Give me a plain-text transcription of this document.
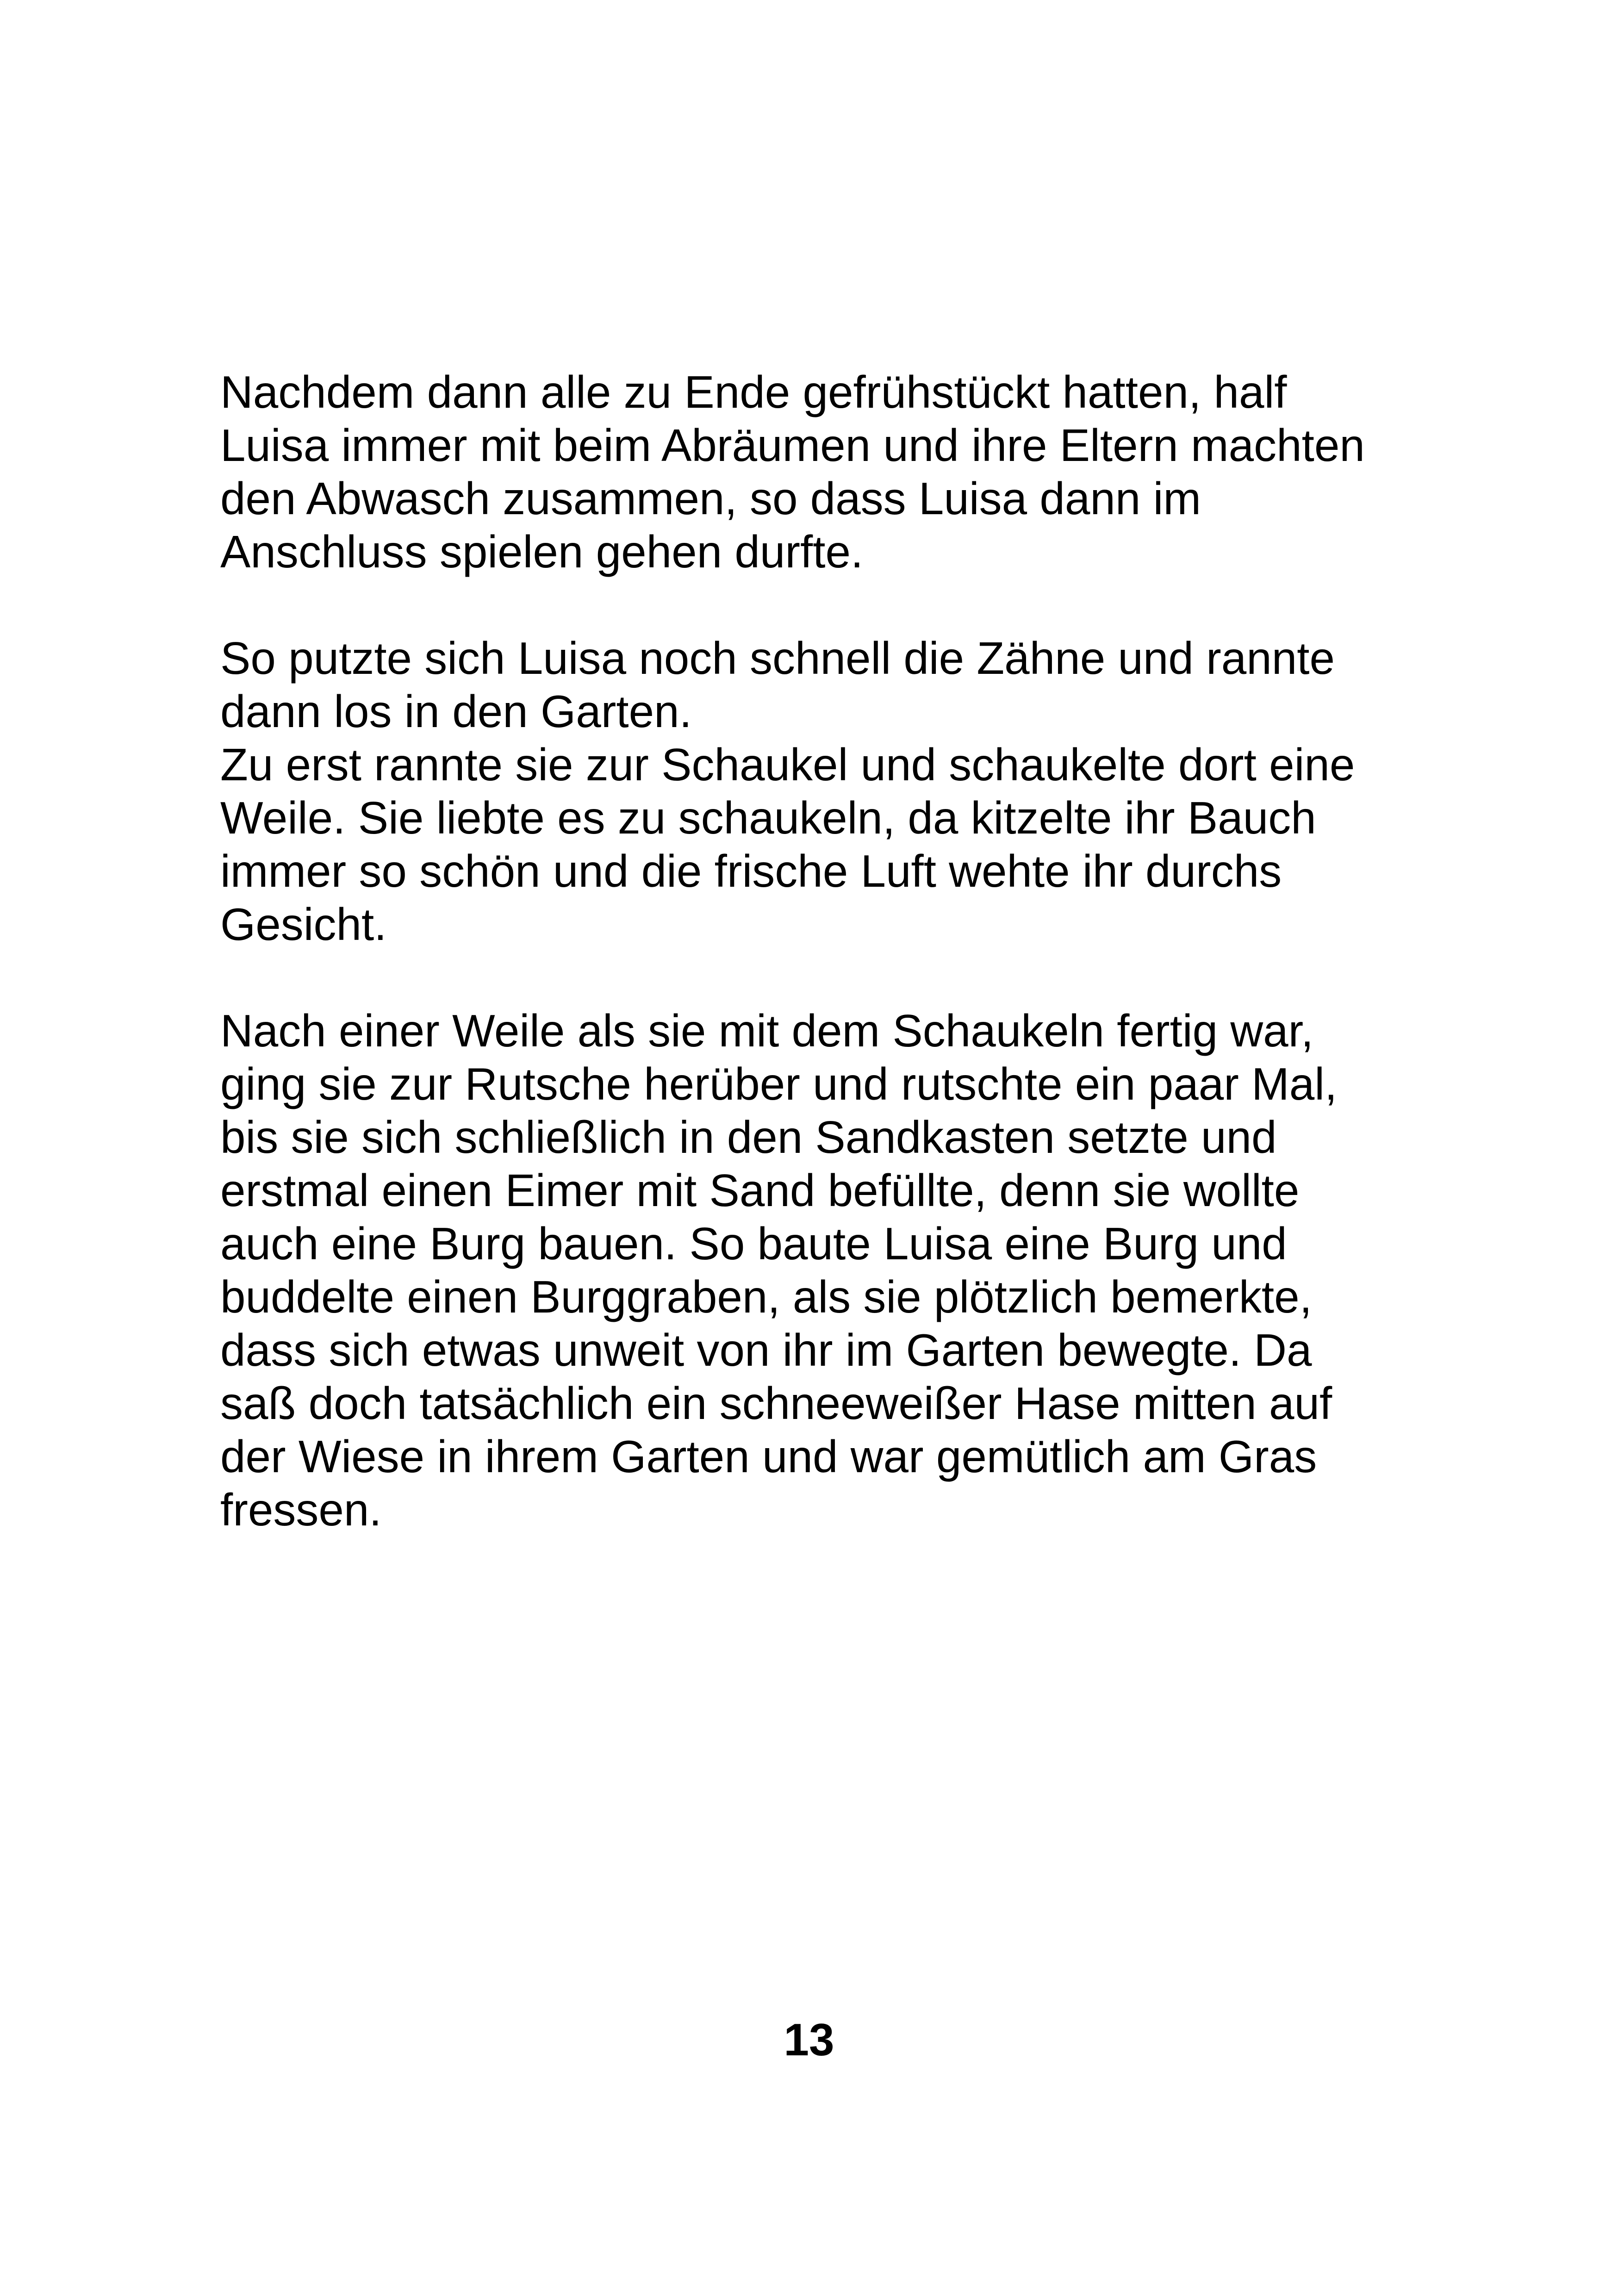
Nachdem dann alle zu Ende gefrühstückt hatten, half
Luisa immer mit beim Abräumen und ihre Eltern machten
den Abwasch zusammen, so dass Luisa dann im
Anschluss spielen gehen durfte.
So putzte sich Luisa noch schnell die Zähne und rannte
dann los in den Garten.
Zu erst rannte sie zur Schaukel und schaukelte dort eine
Weile. Sie liebte es zu schaukeln, da kitzelte ihr Bauch
immer so schön und die frische Luft wehte ihr durchs
Gesicht.
Nach einer Weile als sie mit dem Schaukeln fertig war,
ging sie zur Rutsche herüber und rutschte ein paar Mal,
bis sie sich schließlich in den Sandkasten setzte und
erstmal einen Eimer mit Sand befüllte, denn sie wollte
auch eine Burg bauen. So baute Luisa eine Burg und
buddelte einen Burggraben, als sie plötzlich bemerkte,
dass sich etwas unweit von ihr im Garten bewegte. Da
saß doch tatsächlich ein schneeweißer Hase mitten auf
der Wiese in ihrem Garten und war gemütlich am Gras
fressen.
13
